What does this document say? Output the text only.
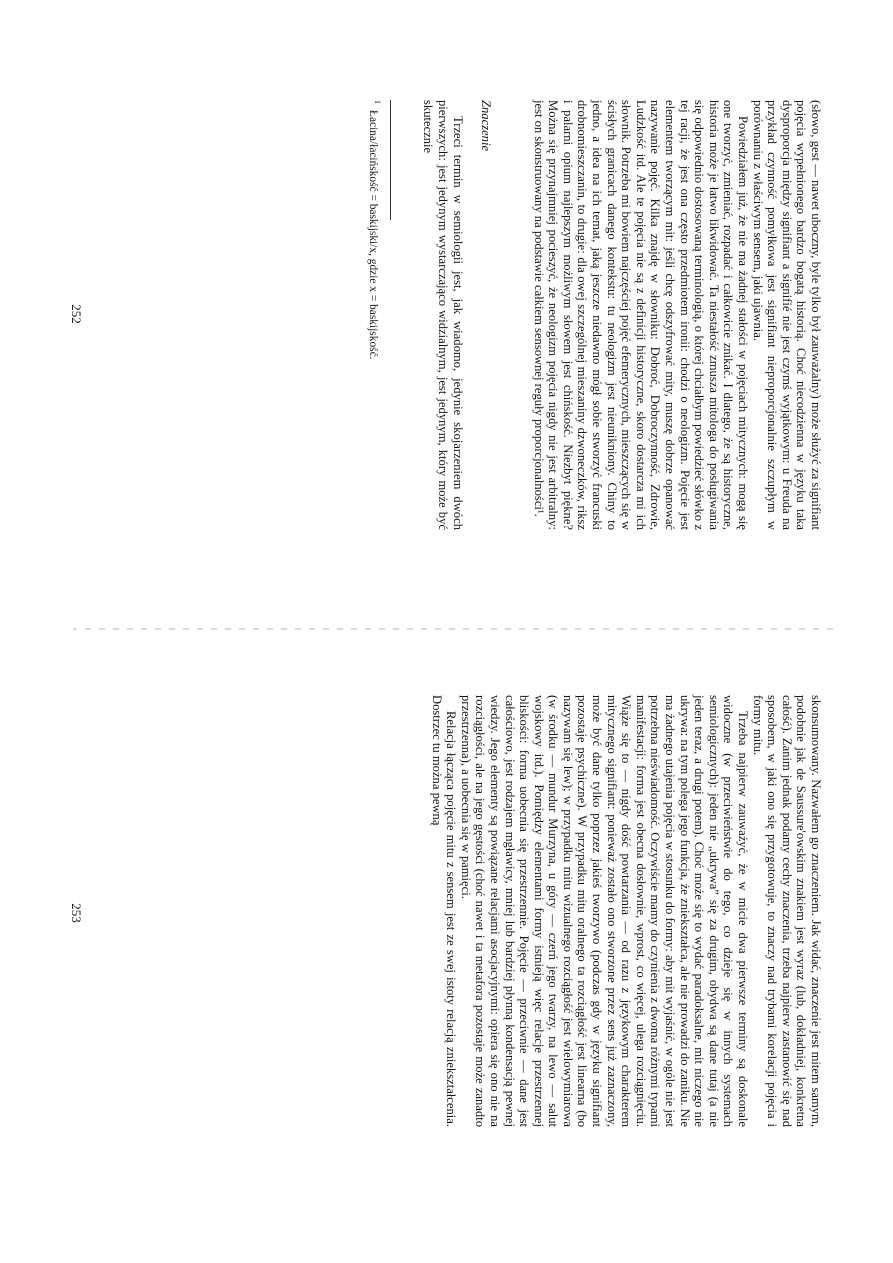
(słowo, gest — nawet uboczny, byle tylko był zauważalny) może służyć za signifiant pojęcia wypełnionego bardzo bogatą historią. Choć niecodzienna w języku taka dysproporcja między signifiant a signifié nie jest czymś wyjątkowym: u Freuda na przykład czynność pomyłkowa jest signifiant nieproporcjonalnie szczupłym w porównaniu z właściwym sensem, jaki ujawnia.

Powiedziałem już, że nie ma żadnej stałości w pojęciach mitycznych: mogą się one tworzyć, zmieniać, rozpadać i całkowicie znikać. I dlatego, że są historyczne, historia może je łatwo likwidować. Ta niestałość zmusza mitologa do posługiwania się odpowiednio dostosowaną terminologią, o której chciałbym powiedzieć słówko z tej racji, że jest ona często przedmiotem ironii: chodzi o neologizm. Pojęcie jest elementem tworzącym mit: jeśli chcę odszyfrować mity, muszę dobrze opanować nazywanie pojęć. Kilka znajdę w słowniku: Dobroć, Dobroczynność, Zdrowie, Ludzkość itd. Ale te pojęcia nie są z definicji historyczne, skoro dostarcza mi ich słownik. Potrzeba mi bowiem najczęściej pojęć efemerycznych, mieszczących się w ścisłych granicach danego kontekstu: tu neologizm jest nieunikniony. Chiny to jedno, a idea na ich temat, jaką jeszcze niedawno mógł sobie stworzyć francuski drobnomieszczanin, to drugie: dla owej szczególnej mieszaniny dzwoneczków, riksz i palarni opium najlepszym możliwym słowem jest chińskość. Niezbyt piękne? Można się przynajmniej pocieszyć, że neologizm pojęcia nigdy nie jest arbitralny: jest on skonstruowany na podstawie całkiem sensownej reguły proporcjonalności¹.

Znaczenie

Trzeci termin w semiologii jest, jak wiadomo, jedynie skojarzeniem dwóch pierwszych: jest jedynym wystarczająco widzialnym, jest jedynym, który może być skutecznie

$^1$Łacina/łacińskość = baskijski/x, gdzie x = baskijskość.
252

skonsumowany. Nazwałem go znaczeniem. Jak widać, znaczenie jest mitem samym, podobnie jak de Saussure'owskim znakiem jest wyraz (lub, dokładniej, konkretna całość). Zanim jednak podamy cechy znaczenia, trzeba najpierw zastanowić się nad sposobem, w jaki ono się przygotowuje, to znaczy nad trybami korelacji pojęcia i formy mitu.

Trzeba najpierw zauważyć, że w micie dwa pierwsze terminy są doskonale widoczne (w przeciwieństwie do tego, co dzieje się w innych systemach semiologicznych): jeden nie „ukrywa” się za drugim, obydwa są dane tutaj (a nie jeden teraz, a drugi potem). Choć może się to wydać paradoksalne, mit niczego nie ukrywa: na tym polega jego funkcja, że zniekształca, ale nie prowadzi do zaniku. Nie ma żadnego utajenia pojęcia w stosunku do formy: aby mit wyjaśnić, w ogóle nie jest potrzebna nieświadomość. Oczywiście mamy do czynienia z dwoma różnymi typami manifestacji: forma jest obecna dosłownie, wprost, co więcej, ulega rozciągnięciu. Wiąże się to — nigdy dość powtarzania — od razu z językowym charakterem mitycznego signifiant: ponieważ zostało ono stworzone przez sens już zaznaczony, może być dane tylko poprzez jakieś tworzywo (podczas gdy w języku signifiant pozostaje psychiczne). W przypadku mitu oralnego ta rozciągłość jest linearna (bo nazywam się lew); w przypadku mitu wizualnego rozciągłość jest wielowymiarowa (w środku — mundur Murzyna, u góry — czerń jego twarzy, na lewo — salut wojskowy itd.). Pomiędzy elementami formy istnieją więc relacje przestrzennej bliskości: forma uobecnia się przestrzennie. Pojęcie — przeciwnie — dane jest całościowo, jest rodzajem mgławicy, mniej lub bardziej płynną kondensacją pewnej wiedzy. Jego elementy są powiązane relacjami asocjacyjnymi: opiera się ono nie na rozciągłości, ale na jego gęstości (choć nawet i ta metafora pozostaje może zanadto przestrzenna), a uobecnia się w pamięci.

Relacja łącząca pojęcie mitu z sensem jest ze swej istoty relacją zniekształcenia. Dostrzec tu można pewną

253
